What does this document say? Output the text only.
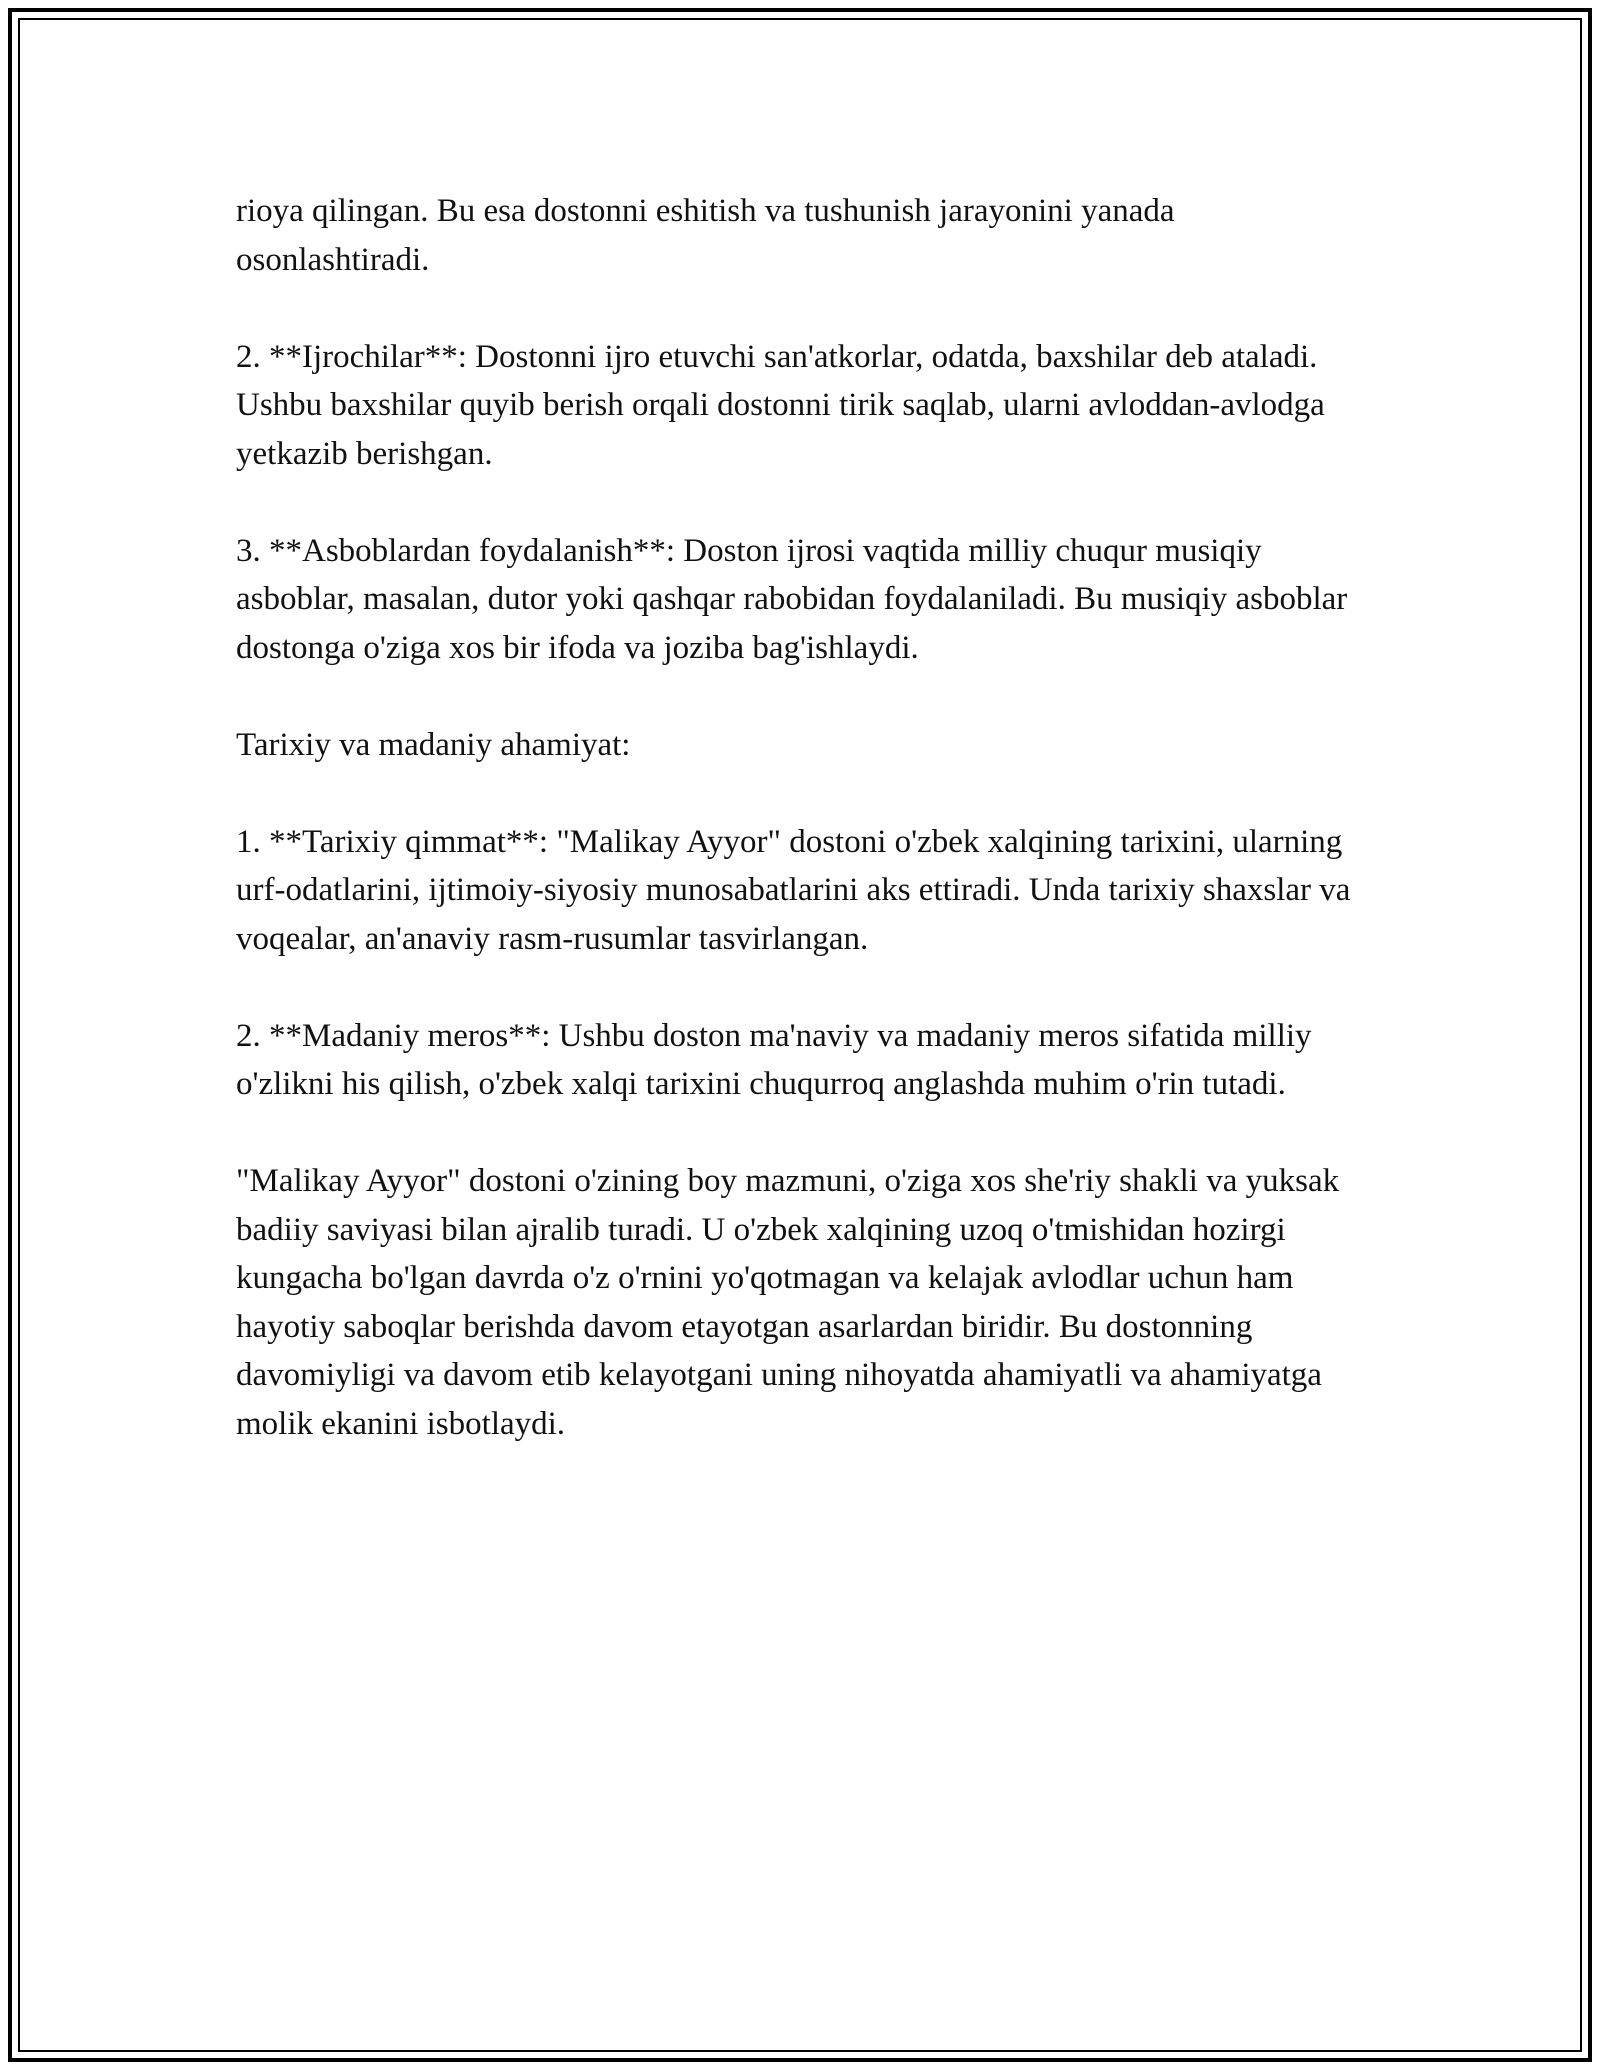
rioya qilingan. Bu esa dostonni eshitish va tushunish jarayonini yanada osonlashtiradi.

2. **Ijrochilar**: Dostonni ijro etuvchi san'atkorlar, odatda, baxshilar deb ataladi. Ushbu baxshilar quyib berish orqali dostonni tirik saqlab, ularni avloddan-avlodga yetkazib berishgan.

3. **Asboblardan foydalanish**: Doston ijrosi vaqtida milliy chuqur musiqiy asboblar, masalan, dutor yoki qashqar rabobidan foydalaniladi. Bu musiqiy asboblar dostonga o'ziga xos bir ifoda va joziba bag'ishlaydi.

Tarixiy va madaniy ahamiyat:

1. **Tarixiy qimmat**: "Malikay Ayyor" dostoni o'zbek xalqining tarixini, ularning urf-odatlarini, ijtimoiy-siyosiy munosabatlarini aks ettiradi. Unda tarixiy shaxslar va voqealar, an'anaviy rasm-rusumlar tasvirlangan.

2. **Madaniy meros**: Ushbu doston ma'naviy va madaniy meros sifatida milliy o'zlikni his qilish, o'zbek xalqi tarixini chuqurroq anglashda muhim o'rin tutadi.

"Malikay Ayyor" dostoni o'zining boy mazmuni, o'ziga xos she'riy shakli va yuksak badiiy saviyasi bilan ajralib turadi. U o'zbek xalqining uzoq o'tmishidan hozirgi kungacha bo'lgan davrda o'z o'rnini yo'qotmagan va kelajak avlodlar uchun ham hayotiy saboqlar berishda davom etayotgan asarlardan biridir. Bu dostonning davomiyligi va davom etib kelayotgani uning nihoyatda ahamiyatli va ahamiyatga molik ekanini isbotlaydi.
